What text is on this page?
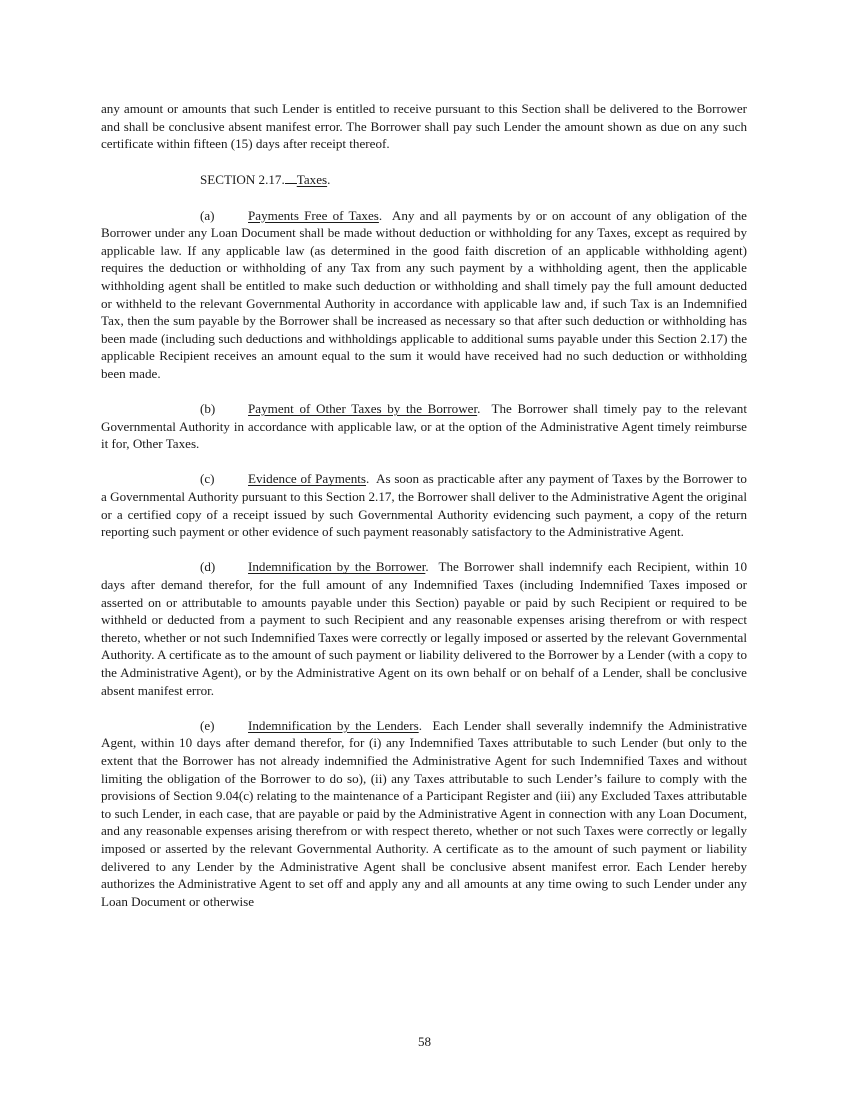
any amount or amounts that such Lender is entitled to receive pursuant to this Section shall be delivered to the Borrower and shall be conclusive absent manifest error. The Borrower shall pay such Lender the amount shown as due on any such certificate within fifteen (15) days after receipt thereof.

SECTION 2.17. Taxes.

(a)	Payments Free of Taxes.  Any and all payments by or on account of any obligation of the Borrower under any Loan Document shall be made without deduction or withholding for any Taxes, except as required by applicable law. If any applicable law (as determined in the good faith discretion of an applicable withholding agent) requires the deduction or withholding of any Tax from any such payment by a withholding agent, then the applicable withholding agent shall be entitled to make such deduction or withholding and shall timely pay the full amount deducted or withheld to the relevant Governmental Authority in accordance with applicable law and, if such Tax is an Indemnified Tax, then the sum payable by the Borrower shall be increased as necessary so that after such deduction or withholding has been made (including such deductions and withholdings applicable to additional sums payable under this Section 2.17) the applicable Recipient receives an amount equal to the sum it would have received had no such deduction or withholding been made.

(b) Payment of Other Taxes by the Borrower.  The Borrower shall timely pay to the relevant Governmental Authority in accordance with applicable law, or at the option of the Administrative Agent timely reimburse it for, Other Taxes.

(c)	Evidence of Payments.  As soon as practicable after any payment of Taxes by the Borrower to a Governmental Authority pursuant to this Section 2.17, the Borrower shall deliver to the Administrative Agent the original or a certified copy of a receipt issued by such Governmental Authority evidencing such payment, a copy of the return reporting such payment or other evidence of such payment reasonably satisfactory to the Administrative Agent.

(d) Indemnification by the Borrower.  The Borrower shall indemnify each Recipient, within 10 days after demand therefor, for the full amount of any Indemnified Taxes (including Indemnified Taxes imposed or asserted on or attributable to amounts payable under this Section) payable or paid by such Recipient or required to be withheld or deducted from a payment to such Recipient and any reasonable expenses arising therefrom or with respect thereto, whether or not such Indemnified Taxes were correctly or legally imposed or asserted by the relevant Governmental Authority. A certificate as to the amount of such payment or liability delivered to the Borrower by a Lender (with a copy to the Administrative Agent), or by the Administrative Agent on its own behalf or on behalf of a Lender, shall be conclusive absent manifest error.

(e)	Indemnification by the Lenders.  Each Lender shall severally indemnify the Administrative Agent, within 10 days after demand therefor, for (i) any Indemnified Taxes attributable to such Lender (but only to the extent that the Borrower has not already indemnified the Administrative Agent for such Indemnified Taxes and without limiting the obligation of the Borrower to do so), (ii) any Taxes attributable to such Lender’s failure to comply with the provisions of Section 9.04(c) relating to the maintenance of a Participant Register and (iii) any Excluded Taxes attributable to such Lender, in each case, that are payable or paid by the Administrative Agent in connection with any Loan Document, and any reasonable expenses arising therefrom or with respect thereto, whether or not such Taxes were correctly or legally imposed or asserted by the relevant Governmental Authority. A certificate as to the amount of such payment or liability delivered to any Lender by the Administrative Agent shall be conclusive absent manifest error. Each Lender hereby authorizes the Administrative Agent to set off and apply any and all amounts at any time owing to such Lender under any Loan Document or otherwise

58
